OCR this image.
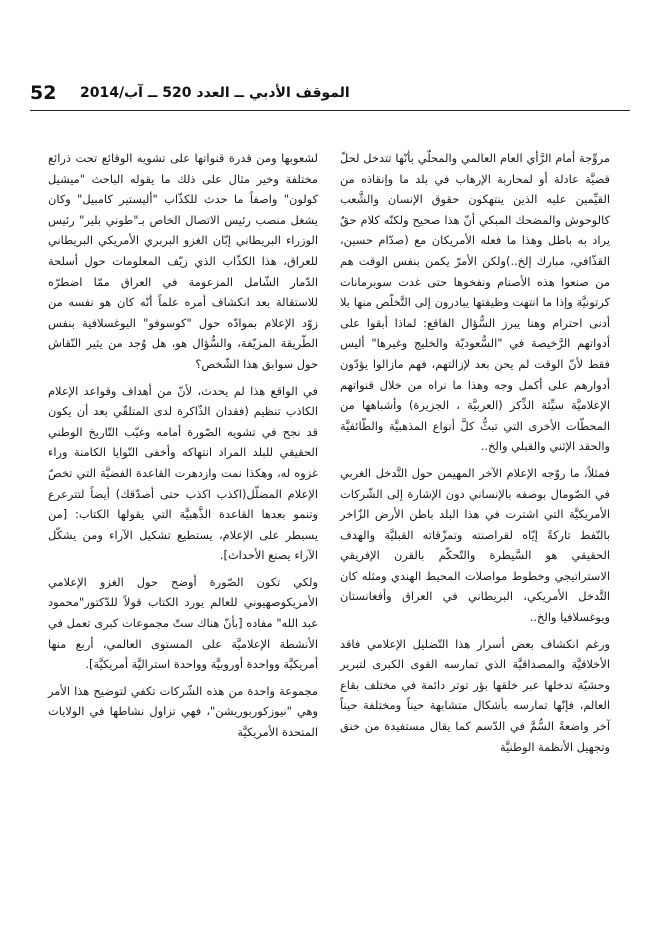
52 الموقف الأدبي ــ العدد 520 ــ آب/2014

مروِّجة أمام الرَّأي العام العالمي والمحلّي بأنّها تتدخل لحلّ قضيَّة عادلة أو لمحاربة الإرهاب في بلد ما وإنقاذه من القيِّمين عليه الذين ينتهكون حقوق الإنسان والشَّعب كالوحوش والمضحك المبكي أنّ هذا صحيح ولكنّه كلام حقٌ يراد به باطل وهذا ما فعله الأمريكان مع (صدّام حسين، القذّافي، مبارك إلخ..)ولكن الأمرّ يكمن بنفس الوقت هم من صنعوا هذه الأصنام ونفخوها حتى غدت سوبرمانات كرتونيَّة وإذا ما انتهت وظيفتها يبادرون إلى التَّخلّص منها بلا أدنى احترام وهنا يبرز السُّؤال الفاقع: لماذا أبقوا على أدواتهم الرَّخيصة في "السُّعوديّة والخليج وغيرها" أليس فقط لأنّ الوقت لم يحن بعد لإزالتهم، فهم مازالوا يؤدّون أدوارهم على أكمل وجه وهذا ما نراه من خلال قنواتهم الإعلاميَّة سيِّئة الذِّكر (العربيَّة ، الجزيرة) وأشباهها من المحطّات الأخرى التي تبثُّ كلَّ أنواع المذهبيَّة والطّائفيَّة والحقد الإثني والقبلي والخ..

فمثلاً، ما روّجه الإعلام الآخر المهيمن حول التَّدخل الغربي في الصّومال بوصفه بالإنساني دون الإشارة إلى الشّركات الأمريكيَّة التي اشترت في هذا البلد باطن الأرض الزّاخر بالنّفط تاركةً إيّاه لقراصنته وتمزّقاته القبليَّة والهدف الحقيقي هو السَّيطرة والتّحكّم بالقرن الإفريقي الاستراتيجي وخطوط مواصلات المحيط الهندي ومثله كان التَّدخل الأمريكي، البريطاني في العراق وأفغانستان ويوغسلافيا والخ..

ورغم انكشاف بعض أسرار هذا التّضليل الإعلامي فاقد الأخلاقيَّة والمصداقيَّة الذي تمارسه القوى الكبرى لتبرير وحشيّة تدخلها عبر خلقها بؤر توتر دائمة في مختلف بقاع العالم، فإنّها تمارسه بأشكال متشابهة حيناً ومختلفة حيناً آخر واضعةً السُّمَّ في الدّسم كما يقال مستفيدة من خنق وتجهيل الأنظمة الوطنيَّة

لشعوبها ومن قدرة قنواتها على تشويه الوقائع تحت ذرائع مختلفة وخير مثال على ذلك ما يقوله الباحث "ميشيل كولون" واصفاً ما حدث للكذّاب "أليستير كامبيل" وكان يشغل منصب رئيس الاتصال الخاص بـ"طوني بلير" رئيس الوزراء البريطاني إبّان الغزو البربري الأمريكي البريطاني للعراق، هذا الكذّاب الذي زيّف المعلومات حول أسلحة الدّمار الشّامل المزعومة في العراق ممّا اضطرّه للاستقالة بعد انكشاف أمره علماً أنّه كان هو نفسه من زوّد الإعلام بموادّه حول "كوسوفو" اليوغسلافية بنفس الطّريقة المزيّفة، والسُّؤال هو، هل وُجد من يثير النّقاش حول سوابق هذا الشّخص؟

في الواقع هذا لم يحدث، لأنّ من أهداف وقواعد الإعلام الكاذب تنظيم (فقدان الذّاكرة لدى المتلقّي بعد أن يكون قد نجح في تشويه الصّورة أمامه وغيّب التّاريخ الوطني الحقيقي للبلد المراد انتهاكه وأخفى النّوايا الكامنة وراء غزوه له، وهكذا نمت وازدهرت القاعدة الفضيَّة التي تخصّ الإعلام المضلّل(اكذب اكذب حتى أصدّقك) أيضاً لتترعرع وتنمو بعدها القاعدة الذَّهبيَّة التي يقولها الكتاب: [من يسيطر على الإعلام، يستطيع تشكيل الآراء ومن يشكّل الآراء يصنع الأحداث].

ولكي تكون الصّورة أوضح حول الغزو الإعلامي الأمريكوصهيوني للعالم يورد الكتاب قولاً للدّكتور"محمود عبد الله" مفاده [بأنّ هناك ستّ مجموعات كبرى تعمل في الأنشطة الإعلاميَّة على المستوى العالمي، أربع منها أمريكيَّة وواحدة أوروبيَّة وواحدة استراليَّة أمريكيَّة].

مجموعة واحدة من هذه الشّركات تكفي لتوضيح هذا الأمر وهي "نيوزكوربوريشن"، فهي تزاول نشاطها في الولايات المتحدة الأمريكيَّة
